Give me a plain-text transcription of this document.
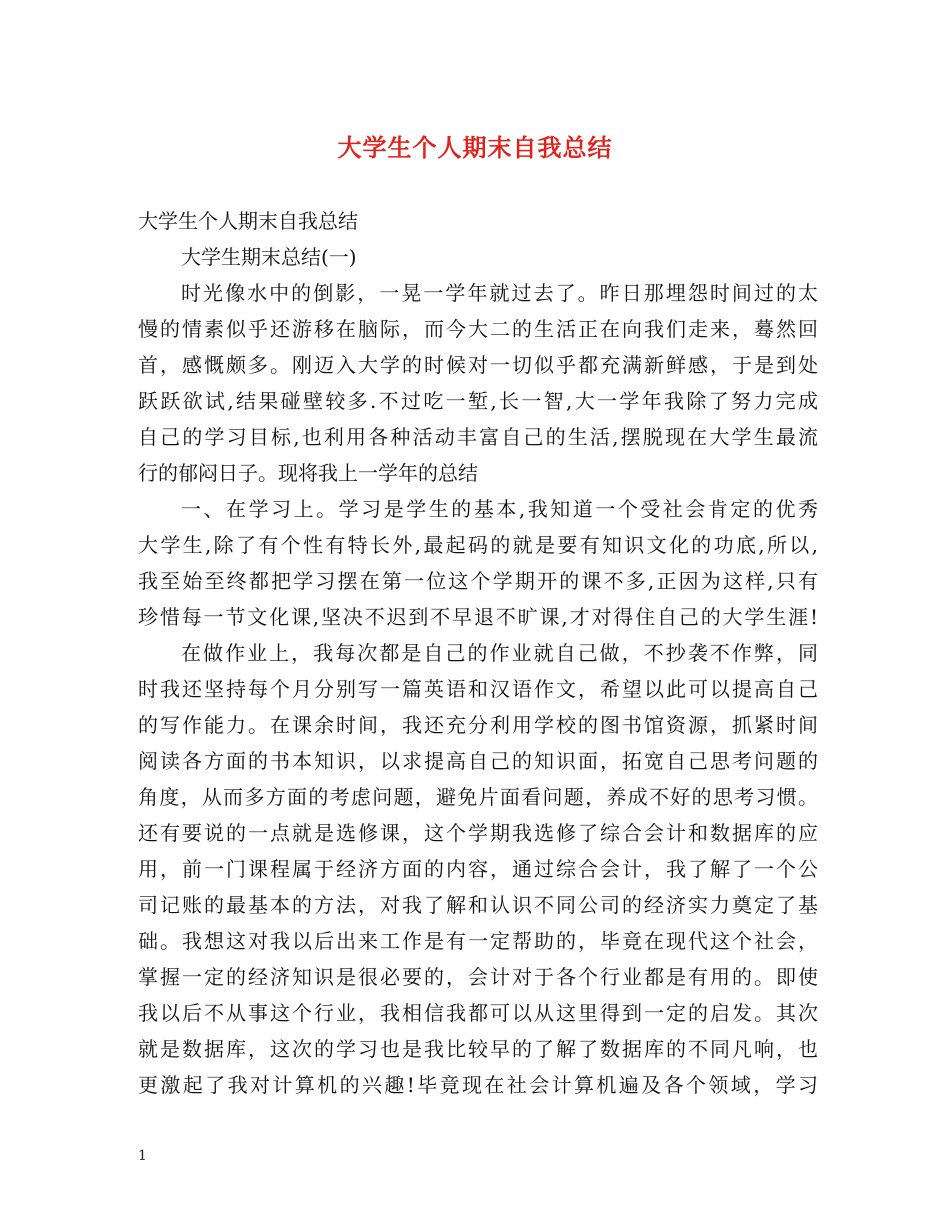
大学生个人期末自我总结
大学生个人期末自我总结
大学生期末总结(一)
时光像水中的倒影，一晃一学年就过去了。昨日那埋怨时间过的太
慢的情素似乎还游移在脑际，而今大二的生活正在向我们走来，蓦然回
首，感慨颇多。刚迈入大学的时候对一切似乎都充满新鲜感，于是到处
跃跃欲试,结果碰壁较多.不过吃一堑,长一智,大一学年我除了努力完成
自己的学习目标,也利用各种活动丰富自己的生活,摆脱现在大学生最流
行的郁闷日子。现将我上一学年的总结
一、在学习上。学习是学生的基本,我知道一个受社会肯定的优秀
大学生,除了有个性有特长外,最起码的就是要有知识文化的功底,所以,
我至始至终都把学习摆在第一位这个学期开的课不多,正因为这样,只有
珍惜每一节文化课,坚决不迟到不早退不旷课,才对得住自己的大学生涯!
在做作业上，我每次都是自己的作业就自己做，不抄袭不作弊，同
时我还坚持每个月分别写一篇英语和汉语作文，希望以此可以提高自己
的写作能力。在课余时间，我还充分利用学校的图书馆资源，抓紧时间
阅读各方面的书本知识，以求提高自己的知识面，拓宽自己思考问题的
角度，从而多方面的考虑问题，避免片面看问题，养成不好的思考习惯。
还有要说的一点就是选修课，这个学期我选修了综合会计和数据库的应
用，前一门课程属于经济方面的内容，通过综合会计，我了解了一个公
司记账的最基本的方法，对我了解和认识不同公司的经济实力奠定了基
础。我想这对我以后出来工作是有一定帮助的，毕竟在现代这个社会，
掌握一定的经济知识是很必要的，会计对于各个行业都是有用的。即使
我以后不从事这个行业，我相信我都可以从这里得到一定的启发。其次
就是数据库，这次的学习也是我比较早的了解了数据库的不同凡响，也
更激起了我对计算机的兴趣!毕竟现在社会计算机遍及各个领域，学习
1
